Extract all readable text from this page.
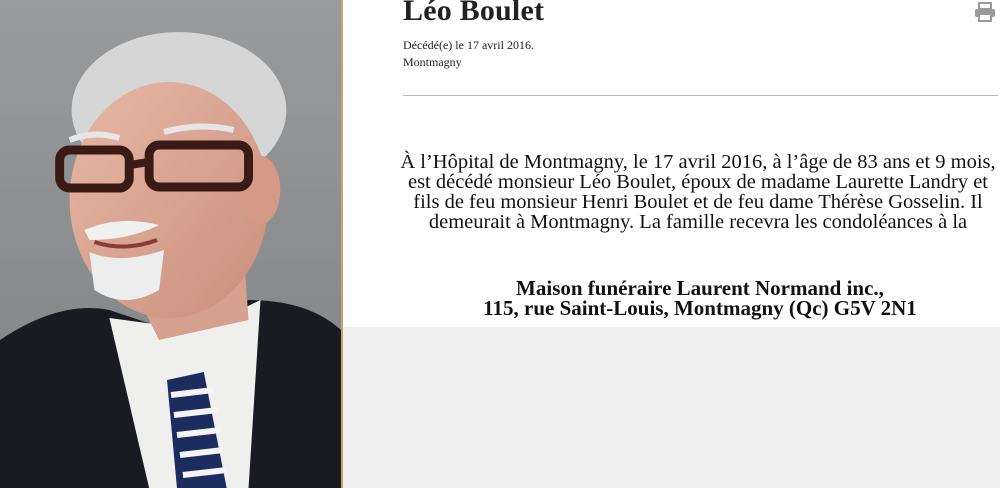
Léo Boulet
Décédé(e) le 17 avril 2016.
Montmagny

À l’Hôpital de Montmagny, le 17 avril 2016, à l’âge de 83 ans et 9 mois, est décédé monsieur Léo Boulet, époux de madame Laurette Landry et fils de feu monsieur Henri Boulet et de feu dame Thérèse Gosselin. Il demeurait à Montmagny. La famille recevra les condoléances à la

Maison funéraire Laurent Normand inc.,
115, rue Saint-Louis, Montmagny (Qc) G5V 2N1
